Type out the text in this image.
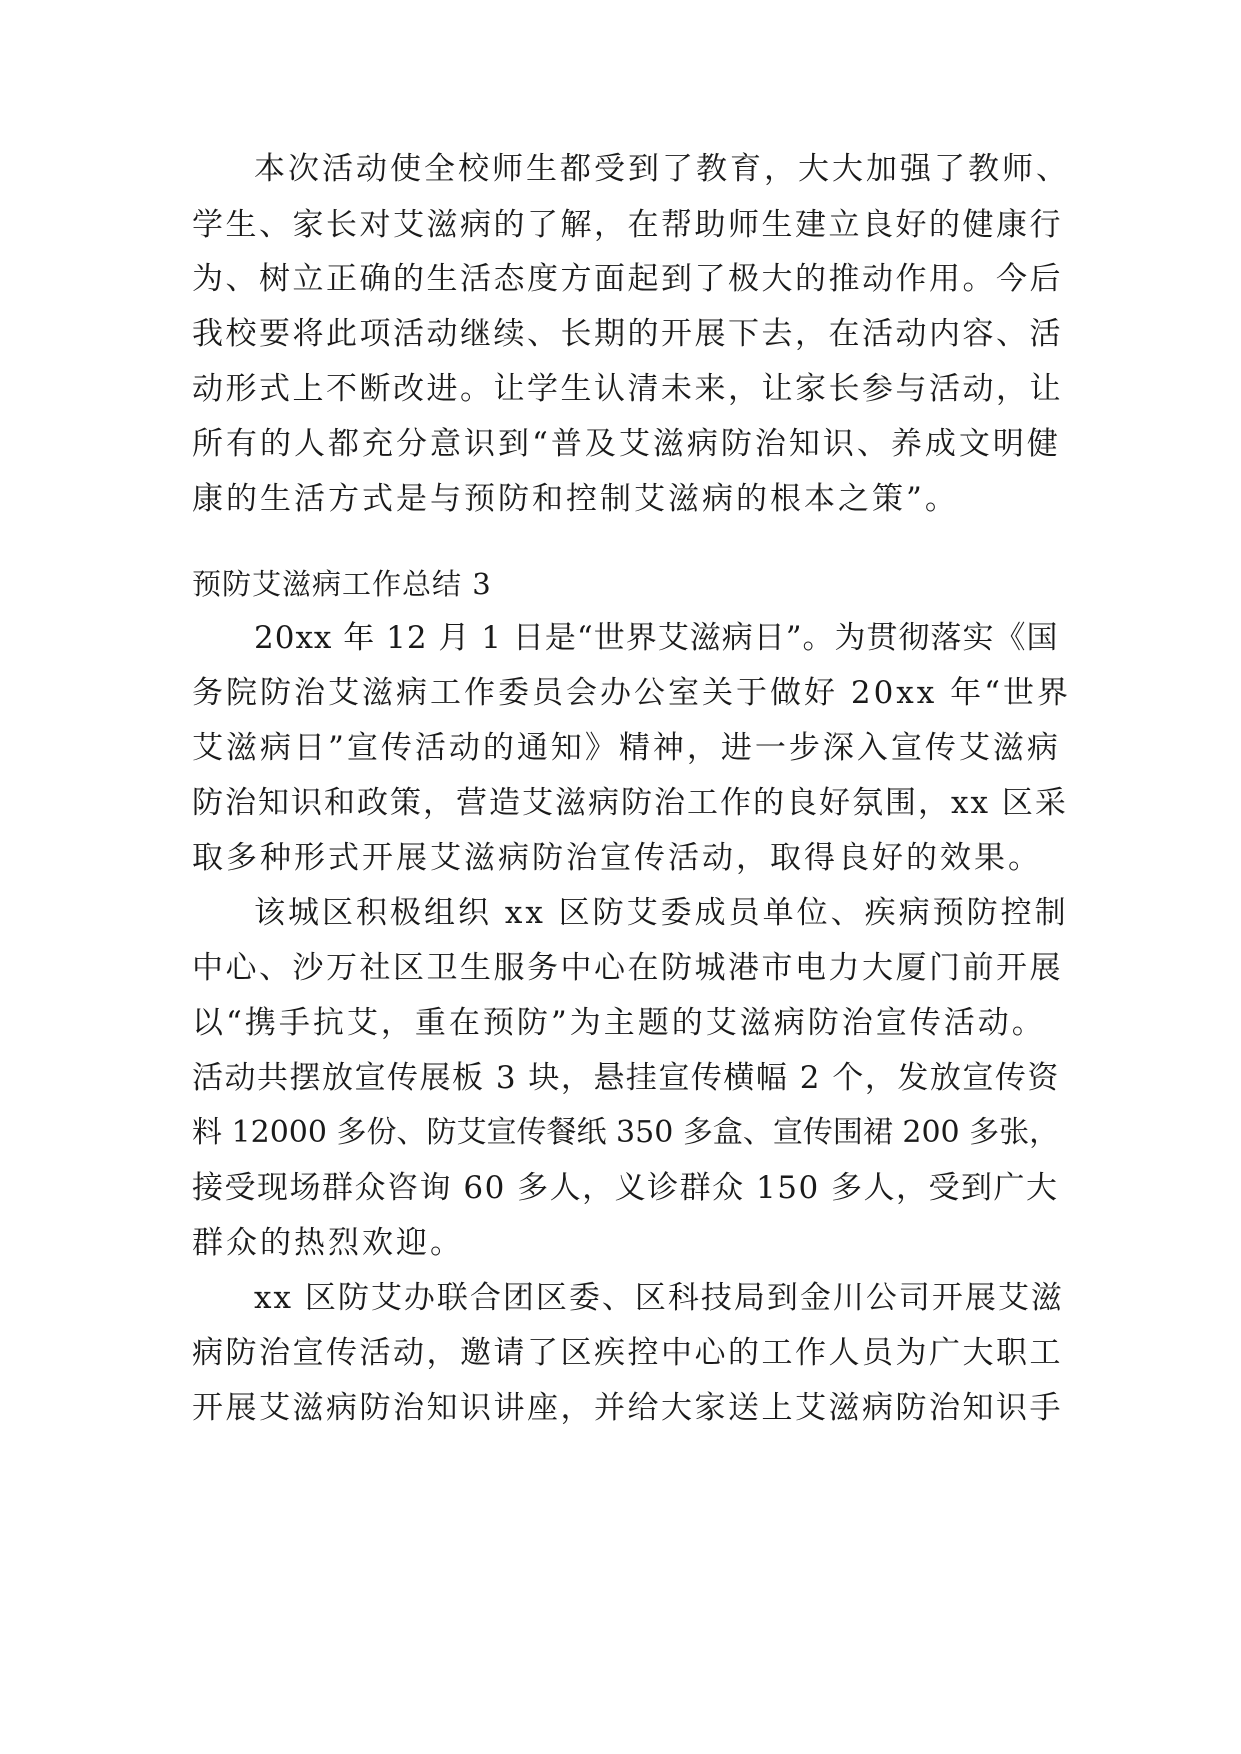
本次活动使全校师生都受到了教育，大大加强了教师、
学生、家长对艾滋病的了解，在帮助师生建立良好的健康行
为、树立正确的生活态度方面起到了极大的推动作用。今后
我校要将此项活动继续、长期的开展下去，在活动内容、活
动形式上不断改进。让学生认清未来，让家长参与活动，让
所有的人都充分意识到“普及艾滋病防治知识、养成文明健
康的生活方式是与预防和控制艾滋病的根本之策”。
预防艾滋病工作总结 3
20xx 年 12 月 1 日是“世界艾滋病日”。为贯彻落实《国
务院防治艾滋病工作委员会办公室关于做好 20xx 年“世界
艾滋病日”宣传活动的通知》精神，进一步深入宣传艾滋病
防治知识和政策，营造艾滋病防治工作的良好氛围，xx 区采
取多种形式开展艾滋病防治宣传活动，取得良好的效果。
该城区积极组织 xx 区防艾委成员单位、疾病预防控制
中心、沙万社区卫生服务中心在防城港市电力大厦门前开展
以“携手抗艾，重在预防”为主题的艾滋病防治宣传活动。
活动共摆放宣传展板 3 块，悬挂宣传横幅 2 个，发放宣传资
料 12000 多份、防艾宣传餐纸 350 多盒、宣传围裙 200 多张，
接受现场群众咨询 60 多人，义诊群众 150 多人，受到广大
群众的热烈欢迎。
xx 区防艾办联合团区委、区科技局到金川公司开展艾滋
病防治宣传活动，邀请了区疾控中心的工作人员为广大职工
开展艾滋病防治知识讲座，并给大家送上艾滋病防治知识手
